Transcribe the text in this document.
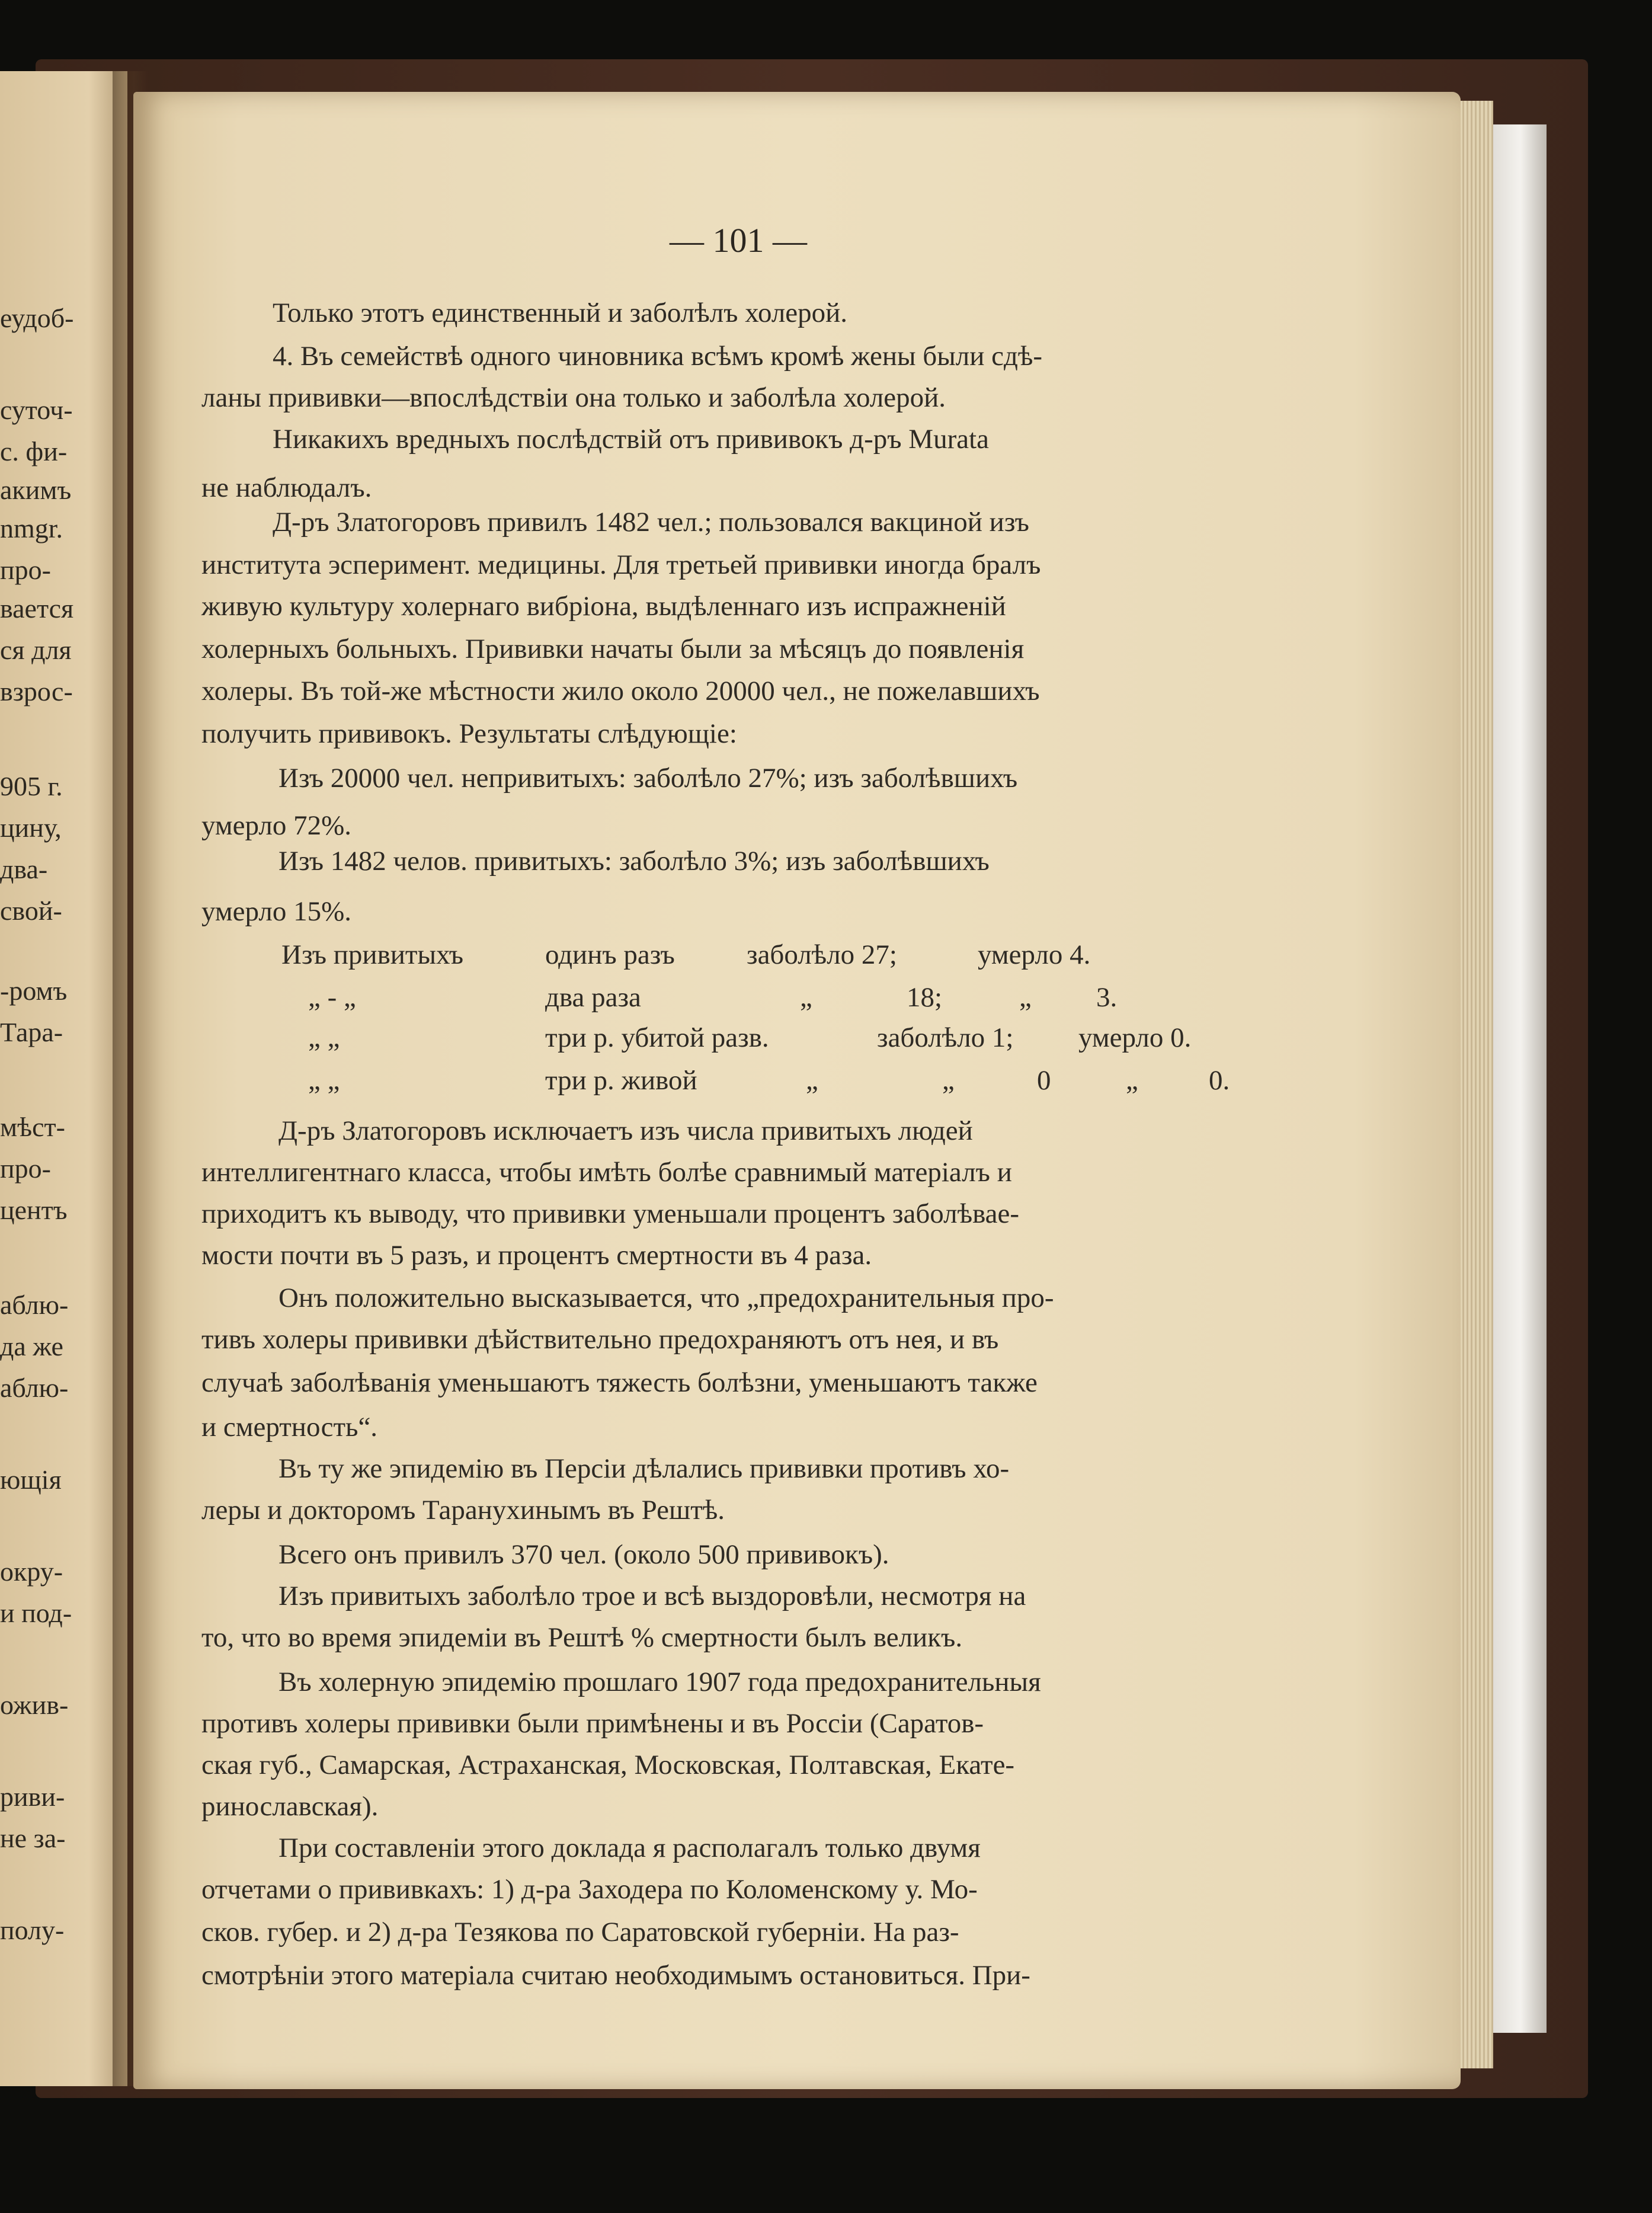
еудоб-
суточ-
с. фи-
акимъ
nmgr.
про-
вается
ся для
взрос-
905 г.
цину,
два-
свой-
-ромъ
Тара-
мѣст-
про-
центъ
аблю-
да же
аблю-
ющія
окру-
и под-
ожив-
риви-
не за-
полу-
— 101 —
Только этотъ единственный и заболѣлъ холерой.
4. Въ семействѣ одного чиновника всѣмъ кромѣ жены были сдѣ-
ланы прививки—впослѣдствіи она только и заболѣла холерой.
Никакихъ вредныхъ послѣдствій отъ прививокъ д-ръ Murata
не наблюдалъ.
Д-ръ Златогоровъ привилъ 1482 чел.; пользовался вакциной изъ
института эсперимент. медицины. Для третьей прививки иногда бралъ
живую культуру холернаго вибріона, выдѣленнаго изъ испражненій
холерныхъ больныхъ. Прививки начаты были за мѣсяцъ до появленія
холеры. Въ той-же мѣстности жило около 20000 чел., не пожелавшихъ
получить прививокъ. Результаты слѣдующіе:
Изъ 20000 чел. непривитыхъ: заболѣло 27%; изъ заболѣвшихъ
умерло 72%.
Изъ 1482 челов. привитыхъ: заболѣло 3%; изъ заболѣвшихъ
умерло 15%.
Изъ привитыхъ	одинъ разъ	заболѣло 27;	умерло 4.
„ - „	два раза	„	18;	„ 3.
„ „	три р. убитой разв.	заболѣло 1; умерло 0.
„ „	три р. живой	„	„	0	„	0.
Д-ръ Златогоровъ исключаетъ изъ числа привитыхъ людей
интеллигентнаго класса, чтобы имѣть болѣе сравнимый матеріалъ и
приходитъ къ выводу, что прививки уменьшали процентъ заболѣвае-
мости почти въ 5 разъ, и процентъ смертности въ 4 раза.
Онъ положительно высказывается, что „предохранительныя про-
тивъ холеры прививки дѣйствительно предохраняютъ отъ нея, и въ
случаѣ заболѣванія уменьшаютъ тяжесть болѣзни, уменьшаютъ также
и смертность“.
Въ ту же эпидемію въ Персіи дѣлались прививки противъ хо-
леры и докторомъ Таранухинымъ въ Рештѣ.
Всего онъ привилъ 370 чел. (около 500 прививокъ).
Изъ привитыхъ заболѣло трое и всѣ выздоровѣли, несмотря на
то, что во время эпидеміи въ Рештѣ % смертности былъ великъ.
Въ холерную эпидемію прошлаго 1907 года предохранительныя
противъ холеры прививки были примѣнены и въ Россіи (Саратов-
ская губ., Самарская, Астраханская, Московская, Полтавская, Екате-
ринославская).
При составленіи этого доклада я располагалъ только двумя
отчетами о прививкахъ: 1) д-ра Заходера по Коломенскому у. Мо-
сков. губер. и 2) д-ра Тезякова по Саратовской губерніи. На раз-
смотрѣніи этого матеріала считаю необходимымъ остановиться. При-
